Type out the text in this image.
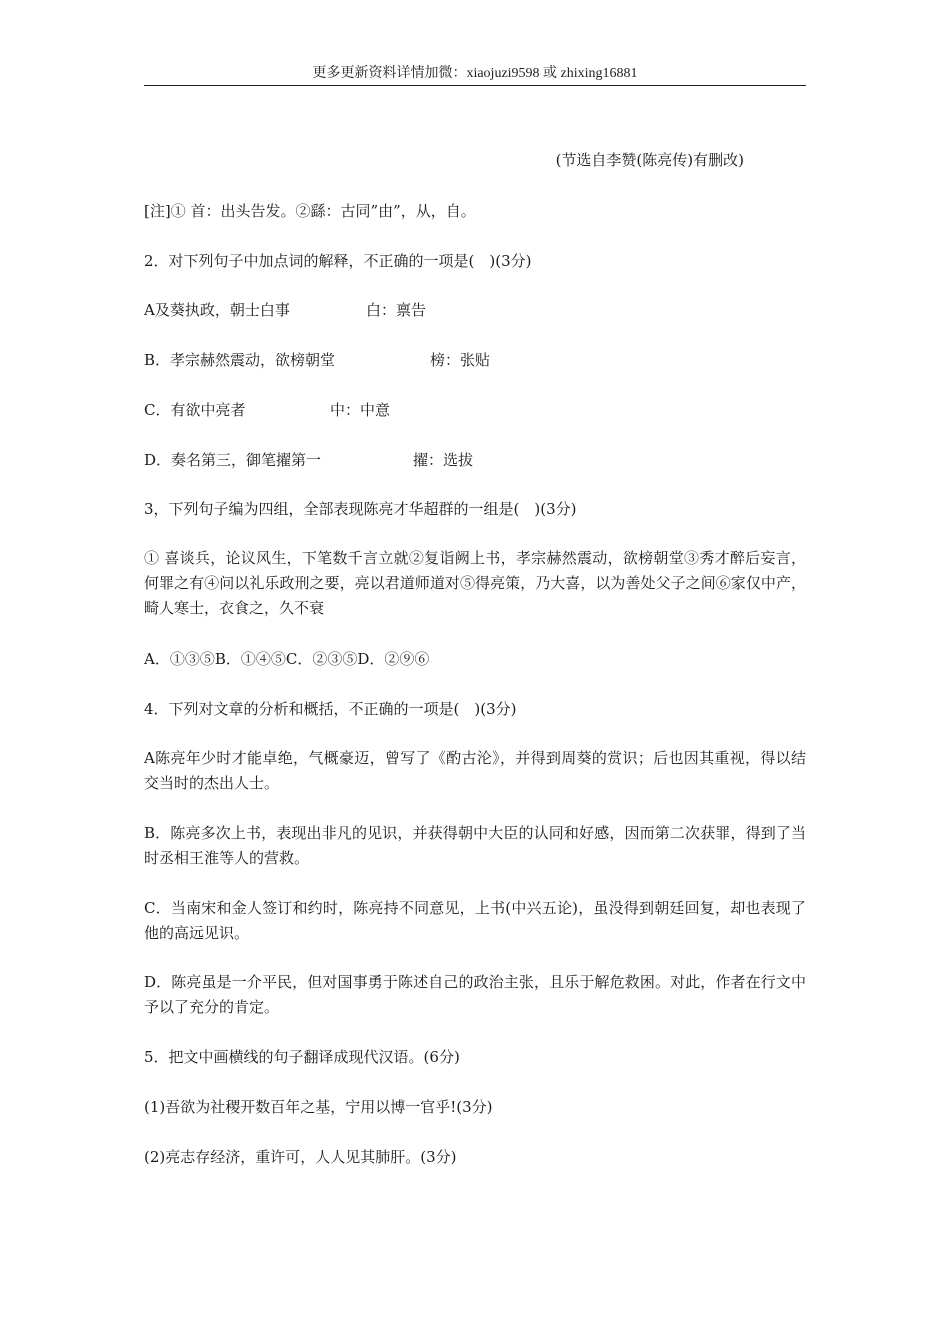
更多更新资料详情加微：xiaojuzi9598 或 zhixing16881

(节选自李赞(陈亮传)有删改)

[注]① 首：出头告发。②繇：古同”由”，从，自。

2．对下列句子中加点词的解释，不正确的一项是(　)(3分)

A及葵执政，朝士白事	白：禀告

B．孝宗赫然震动，欲榜朝堂	榜：张贴

C．有欲中亮者	中：中意

D．奏名第三，御笔擢第一	擢：选拔

3，下列句子编为四组，全部表现陈亮才华超群的一组是(　)(3分)

① 喜谈兵，论议风生，下笔数千言立就②复诣阙上书，孝宗赫然震动，欲榜朝堂③秀才醉后妄言，何罪之有④问以礼乐政刑之要，亮以君道师道对⑤得亮策，乃大喜，以为善处父子之间⑥家仅中产，畸人寒士，衣食之，久不衰

A．①③⑤B．①④⑤C．②③⑤D．②⑨⑥

4．下列对文章的分析和概括，不正确的一项是(　)(3分)

A陈亮年少时才能卓绝，气概豪迈，曾写了《酌古沦》，并得到周葵的赏识；后也因其重视，得以结交当时的杰出人士。

B．陈亮多次上书，表现出非凡的见识，并获得朝中大臣的认同和好感，因而第二次获罪，得到了当时丞相王淮等人的营救。

C．当南宋和金人签订和约时，陈亮持不同意见，上书(中兴五论)，虽没得到朝廷回复，却也表现了他的高远见识。

D．陈亮虽是一介平民，但对国事勇于陈述自己的政治主张，且乐于解危救困。对此，作者在行文中予以了充分的肯定。

5．把文中画横线的句子翻译成现代汉语。(6分)

(1)吾欲为社稷开数百年之基，宁用以博一官乎!(3分)

(2)亮志存经济，重许可，人人见其肺肝。(3分)
